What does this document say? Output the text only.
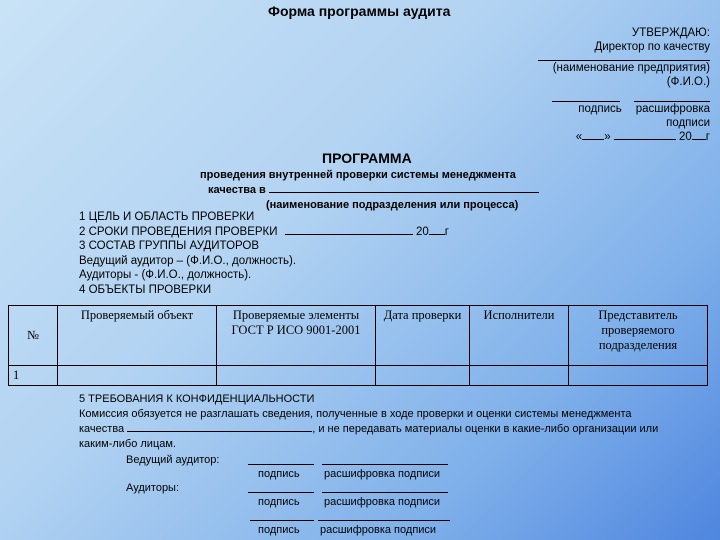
Форма программы аудита
УТВЕРЖДАЮ:
Директор по качеству
(наименование предприятия)
(Ф.И.О.)
подпись расшифровка
подписи
« »	20 г
ПРОГРАММА
проведения внутренней проверки системы менеджмента
качества в
(наименование подразделения или процесса)
1 ЦЕЛЬ И ОБЛАСТЬ ПРОВЕРКИ
2 СРОКИ ПРОВЕДЕНИЯ ПРОВЕРКИ	20 г
3 СОСТАВ ГРУППЫ АУДИТОРОВ
Ведущий аудитор – (Ф.И.О., должность).
Аудиторы - (Ф.И.О., должность).
4 ОБЪЕКТЫ ПРОВЕРКИ
№	Проверяемый объект	Проверяемые элементы ГОСТ Р ИСО 9001-2001	Дата проверки	Исполнители	Представитель проверяемого подразделения
1					
5 ТРЕБОВАНИЯ К КОНФИДЕНЦИАЛЬНОСТИ
Комиссия обязуется не разглашать сведения, полученные в ходе проверки и оценки системы менеджмента
качества	, и не передавать материалы оценки в какие-либо организации или
каким-либо лицам.
Ведущий аудитор:
подпись расшифровка подписи
Аудиторы:
подпись расшифровка подписи
подпись расшифровка подписи
